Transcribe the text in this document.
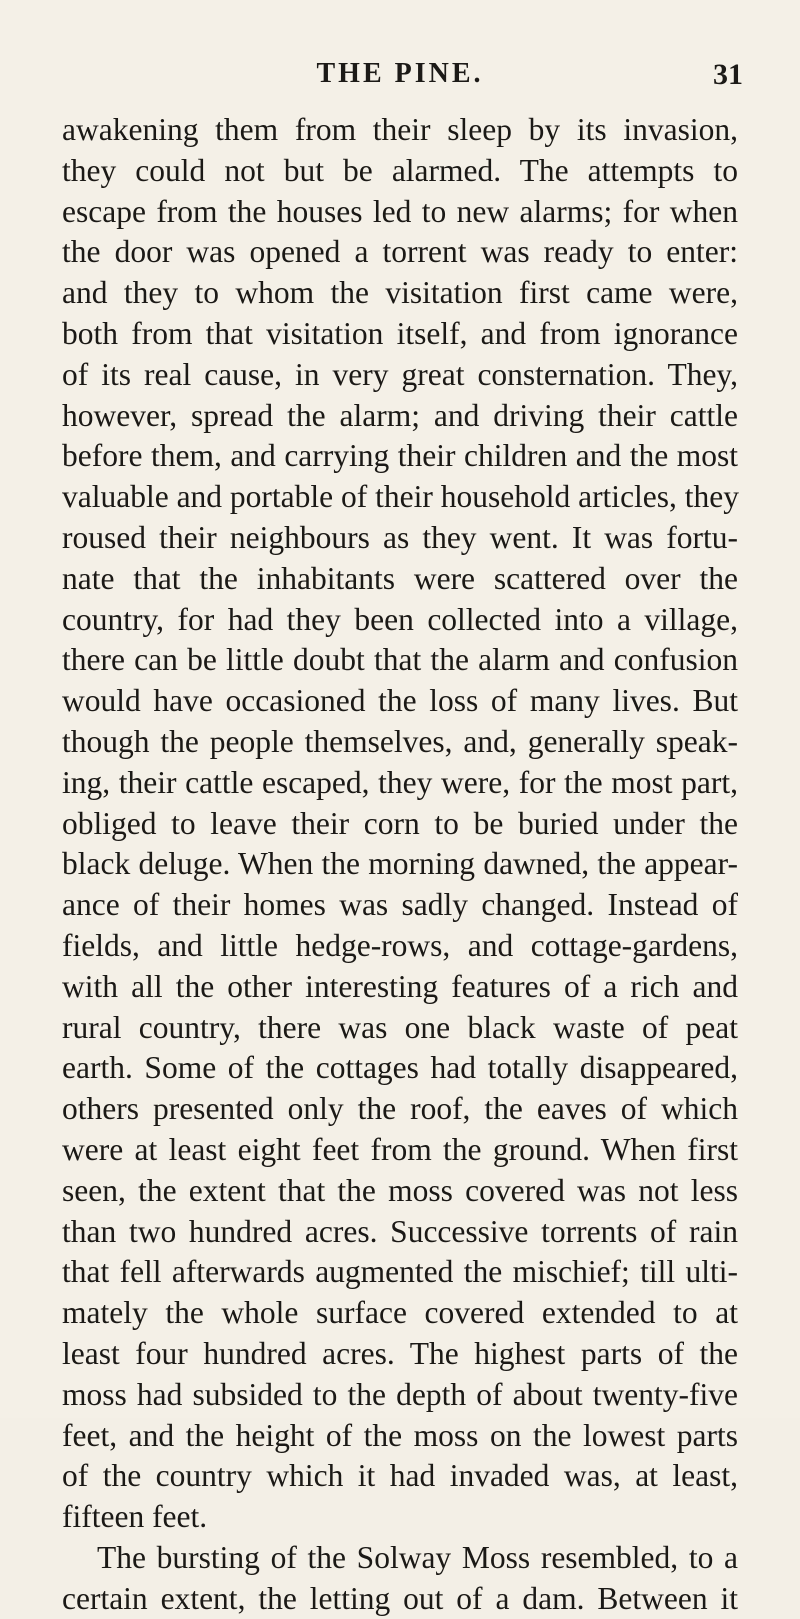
THE PINE.	31
awakening them from their sleep by its invasion,
they could not but be alarmed. The attempts to
escape from the houses led to new alarms; for when
the door was opened a torrent was ready to enter:
and they to whom the visitation first came were,
both from that visitation itself, and from ignorance
of its real cause, in very great consternation. They,
however, spread the alarm; and driving their cattle
before them, and carrying their children and the most
valuable and portable of their household articles, they
roused their neighbours as they went. It was fortu-
nate that the inhabitants were scattered over the
country, for had they been collected into a village,
there can be little doubt that the alarm and confusion
would have occasioned the loss of many lives. But
though the people themselves, and, generally speak-
ing, their cattle escaped, they were, for the most part,
obliged to leave their corn to be buried under the
black deluge. When the morning dawned, the appear-
ance of their homes was sadly changed. Instead of
fields, and little hedge-rows, and cottage-gardens,
with all the other interesting features of a rich and
rural country, there was one black waste of peat
earth. Some of the cottages had totally disappeared,
others presented only the roof, the eaves of which
were at least eight feet from the ground. When first
seen, the extent that the moss covered was not less
than two hundred acres. Successive torrents of rain
that fell afterwards augmented the mischief; till ulti-
mately the whole surface covered extended to at
least four hundred acres. The highest parts of the
moss had subsided to the depth of about twenty-five
feet, and the height of the moss on the lowest parts
of the country which it had invaded was, at least,
fifteen feet.
The bursting of the Solway Moss resembled, to a
certain extent, the letting out of a dam. Between it
